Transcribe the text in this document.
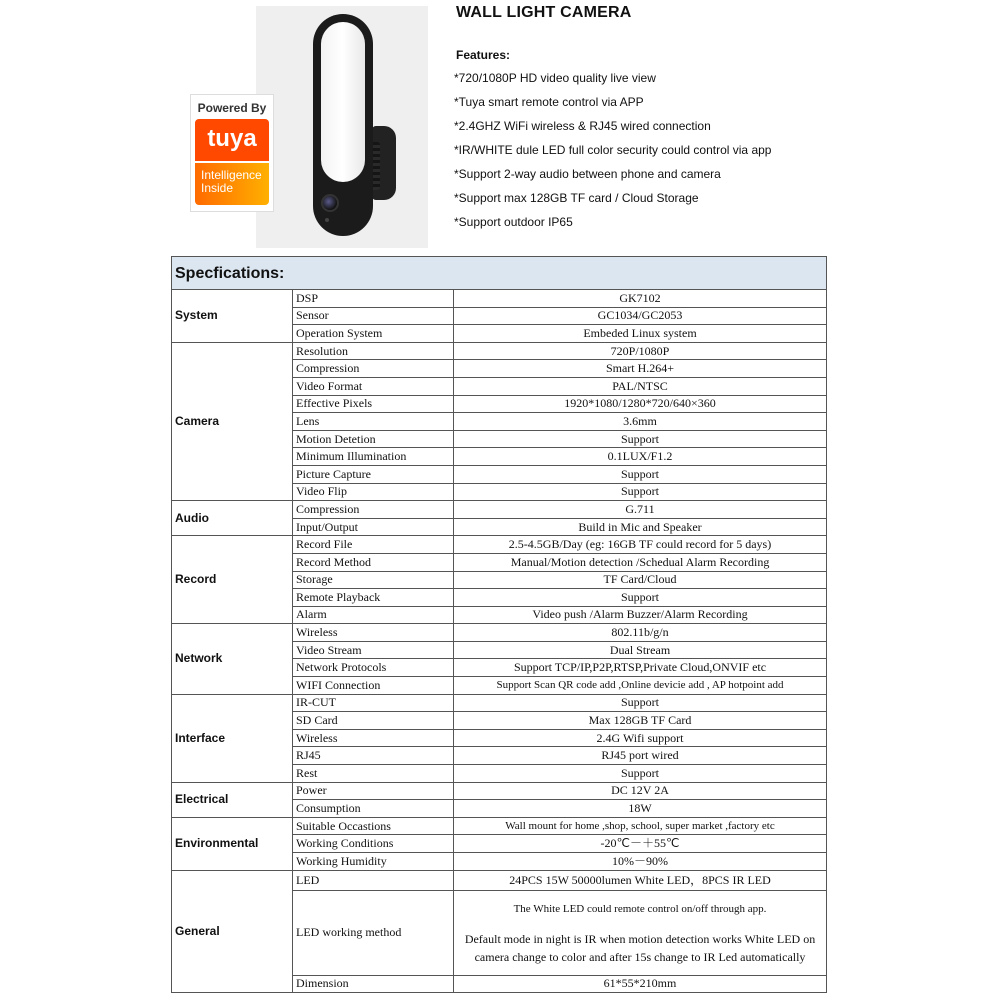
Powered By
tuya
Intelligence
Inside
WALL LIGHT CAMERA
Features:
*720/1080P HD video quality live view
*Tuya smart remote control via APP
*2.4GHZ WiFi wireless & RJ45 wired connection
*IR/WHITE dule LED full color security could control via app
*Support 2-way audio between phone and camera
*Support max 128GB TF card / Cloud Storage
*Support outdoor IP65
Specfications:		
System	DSP	GK7102
	Sensor	GC1034/GC2053
	Operation System	Embeded Linux system
Camera	Resolution	720P/1080P
	Compression	Smart H.264+
	Video Format	PAL/NTSC
	Effective Pixels	1920*1080/1280*720/640×360
	Lens	3.6mm
	Motion Detetion	Support
	Minimum Illumination	0.1LUX/F1.2
	Picture Capture	Support
	Video Flip	Support
Audio	Compression	G.711
	Input/Output	Build in Mic and Speaker
Record	Record File	2.5-4.5GB/Day (eg: 16GB TF could record for 5 days)
	Record Method	Manual/Motion detection /Schedual Alarm Recording
	Storage	TF Card/Cloud
	Remote Playback	Support
	Alarm	Video push /Alarm Buzzer/Alarm Recording
Network	Wireless	802.11b/g/n
	Video Stream	Dual Stream
	Network Protocols	Support TCP/IP,P2P,RTSP,Private Cloud,ONVIF etc
	WIFI Connection	Support Scan QR code add ,Online devicie add , AP hotpoint add
Interface	IR-CUT	Support
	SD Card	Max 128GB TF Card
	Wireless	2.4G Wifi support
	RJ45	RJ45 port wired
	Rest	Support
Electrical	Power	DC 12V 2A
	Consumption	18W
Environmental	Suitable Occastions	Wall mount for home ,shop, school, super market ,factory etc
	Working Conditions	-20℃－＋55℃
	Working Humidity	10%－90%
General	LED	24PCS 15W 50000lumen White LED，8PCS IR LED
	LED working method	The White LED could remote control on/off through app.
Default mode in night is IR when motion detection works White LED on camera change to color and after 15s change to IR Led automatically

	Dimension	61*55*210mm
